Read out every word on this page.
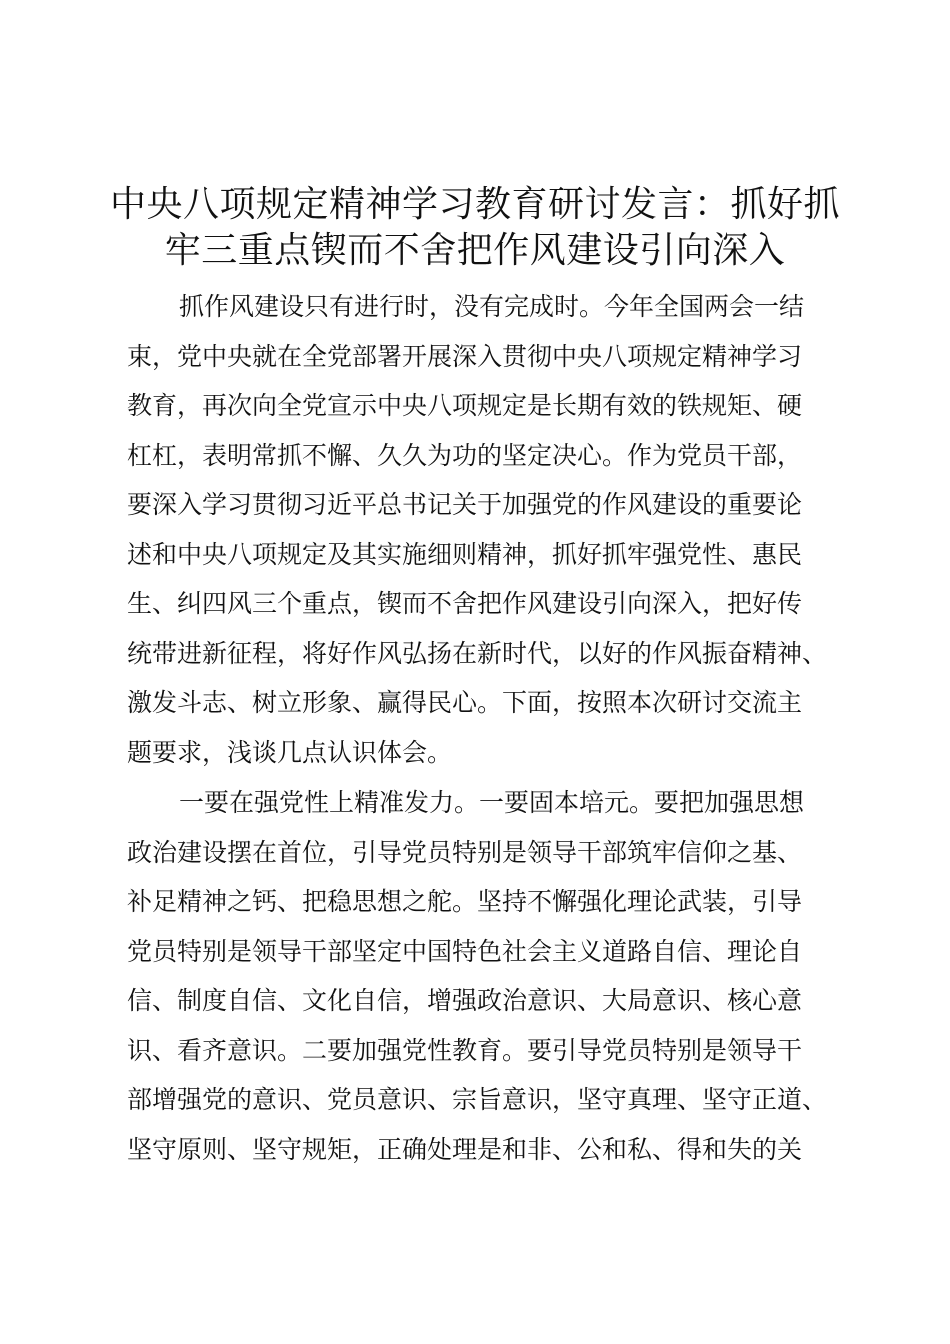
中央八项规定精神学习教育研讨发言：抓好抓
牢三重点锲而不舍把作风建设引向深入
抓作风建设只有进行时，没有完成时。今年全国两会一结
束，党中央就在全党部署开展深入贯彻中央八项规定精神学习
教育，再次向全党宣示中央八项规定是长期有效的铁规矩、硬
杠杠，表明常抓不懈、久久为功的坚定决心。作为党员干部，
要深入学习贯彻习近平总书记关于加强党的作风建设的重要论
述和中央八项规定及其实施细则精神，抓好抓牢强党性、惠民
生、纠四风三个重点，锲而不舍把作风建设引向深入，把好传
统带进新征程，将好作风弘扬在新时代，以好的作风振奋精神、
激发斗志、树立形象、赢得民心。下面，按照本次研讨交流主
题要求，浅谈几点认识体会。
一要在强党性上精准发力。一要固本培元。要把加强思想
政治建设摆在首位，引导党员特别是领导干部筑牢信仰之基、
补足精神之钙、把稳思想之舵。坚持不懈强化理论武装，引导
党员特别是领导干部坚定中国特色社会主义道路自信、理论自
信、制度自信、文化自信，增强政治意识、大局意识、核心意
识、看齐意识。二要加强党性教育。要引导党员特别是领导干
部增强党的意识、党员意识、宗旨意识，坚守真理、坚守正道、
坚守原则、坚守规矩，正确处理是和非、公和私、得和失的关
